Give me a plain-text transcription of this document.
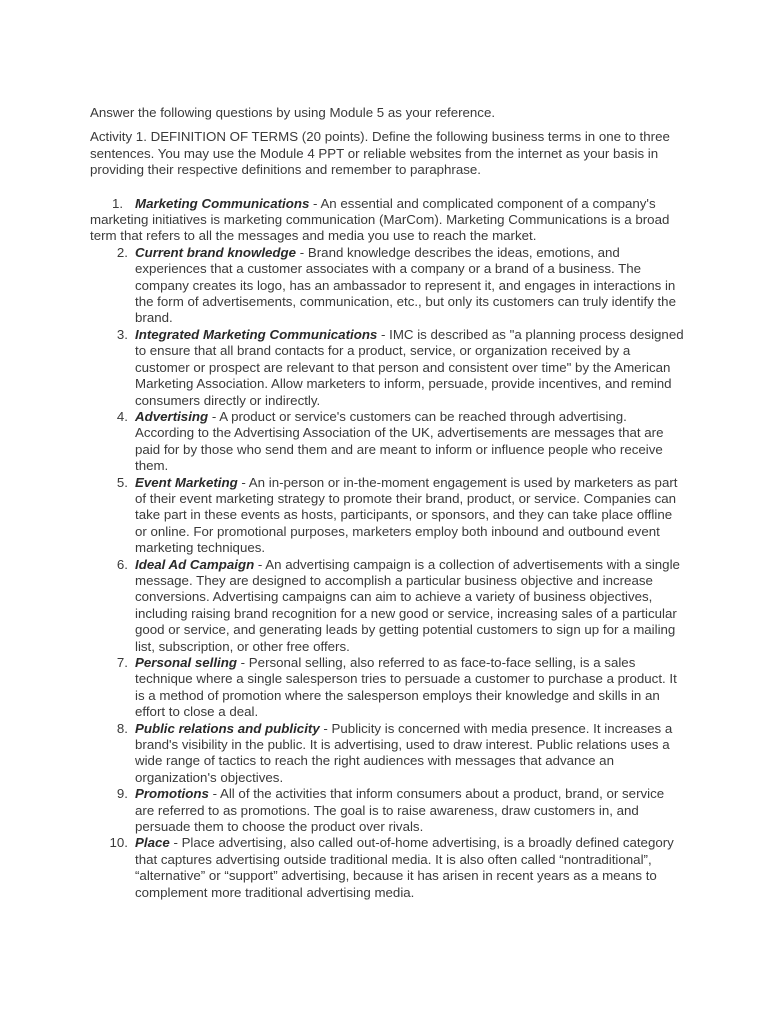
Answer the following questions by using Module 5 as your reference.

Activity 1. DEFINITION OF TERMS (20 points). Define the following business terms in one to three sentences. You may use the Module 4 PPT or reliable websites from the internet as your basis in providing their respective definitions and remember to paraphrase.

1. Marketing Communications - An essential and complicated component of a company's marketing initiatives is marketing communication (MarCom). Marketing Communications is a broad term that refers to all the messages and media you use to reach the market.
2. Current brand knowledge - Brand knowledge describes the ideas, emotions, and experiences that a customer associates with a company or a brand of a business. The company creates its logo, has an ambassador to represent it, and engages in interactions in the form of advertisements, communication, etc., but only its customers can truly identify the brand.
3. Integrated Marketing Communications - IMC is described as "a planning process designed to ensure that all brand contacts for a product, service, or organization received by a customer or prospect are relevant to that person and consistent over time" by the American Marketing Association. Allow marketers to inform, persuade, provide incentives, and remind consumers directly or indirectly.
4. Advertising - A product or service's customers can be reached through advertising. According to the Advertising Association of the UK, advertisements are messages that are paid for by those who send them and are meant to inform or influence people who receive them.
5. Event Marketing - An in-person or in-the-moment engagement is used by marketers as part of their event marketing strategy to promote their brand, product, or service. Companies can take part in these events as hosts, participants, or sponsors, and they can take place offline or online. For promotional purposes, marketers employ both inbound and outbound event marketing techniques.
6. Ideal Ad Campaign - An advertising campaign is a collection of advertisements with a single message. They are designed to accomplish a particular business objective and increase conversions. Advertising campaigns can aim to achieve a variety of business objectives, including raising brand recognition for a new good or service, increasing sales of a particular good or service, and generating leads by getting potential customers to sign up for a mailing list, subscription, or other free offers.
7. Personal selling - Personal selling, also referred to as face-to-face selling, is a sales technique where a single salesperson tries to persuade a customer to purchase a product. It is a method of promotion where the salesperson employs their knowledge and skills in an effort to close a deal.
8. Public relations and publicity - Publicity is concerned with media presence. It increases a brand's visibility in the public. It is advertising, used to draw interest. Public relations uses a wide range of tactics to reach the right audiences with messages that advance an organization's objectives.
9. Promotions - All of the activities that inform consumers about a product, brand, or service are referred to as promotions. The goal is to raise awareness, draw customers in, and persuade them to choose the product over rivals.
10. Place - Place advertising, also called out-of-home advertising, is a broadly defined category that captures advertising outside traditional media. It is also often called “nontraditional”, “alternative” or “support” advertising, because it has arisen in recent years as a means to complement more traditional advertising media.
